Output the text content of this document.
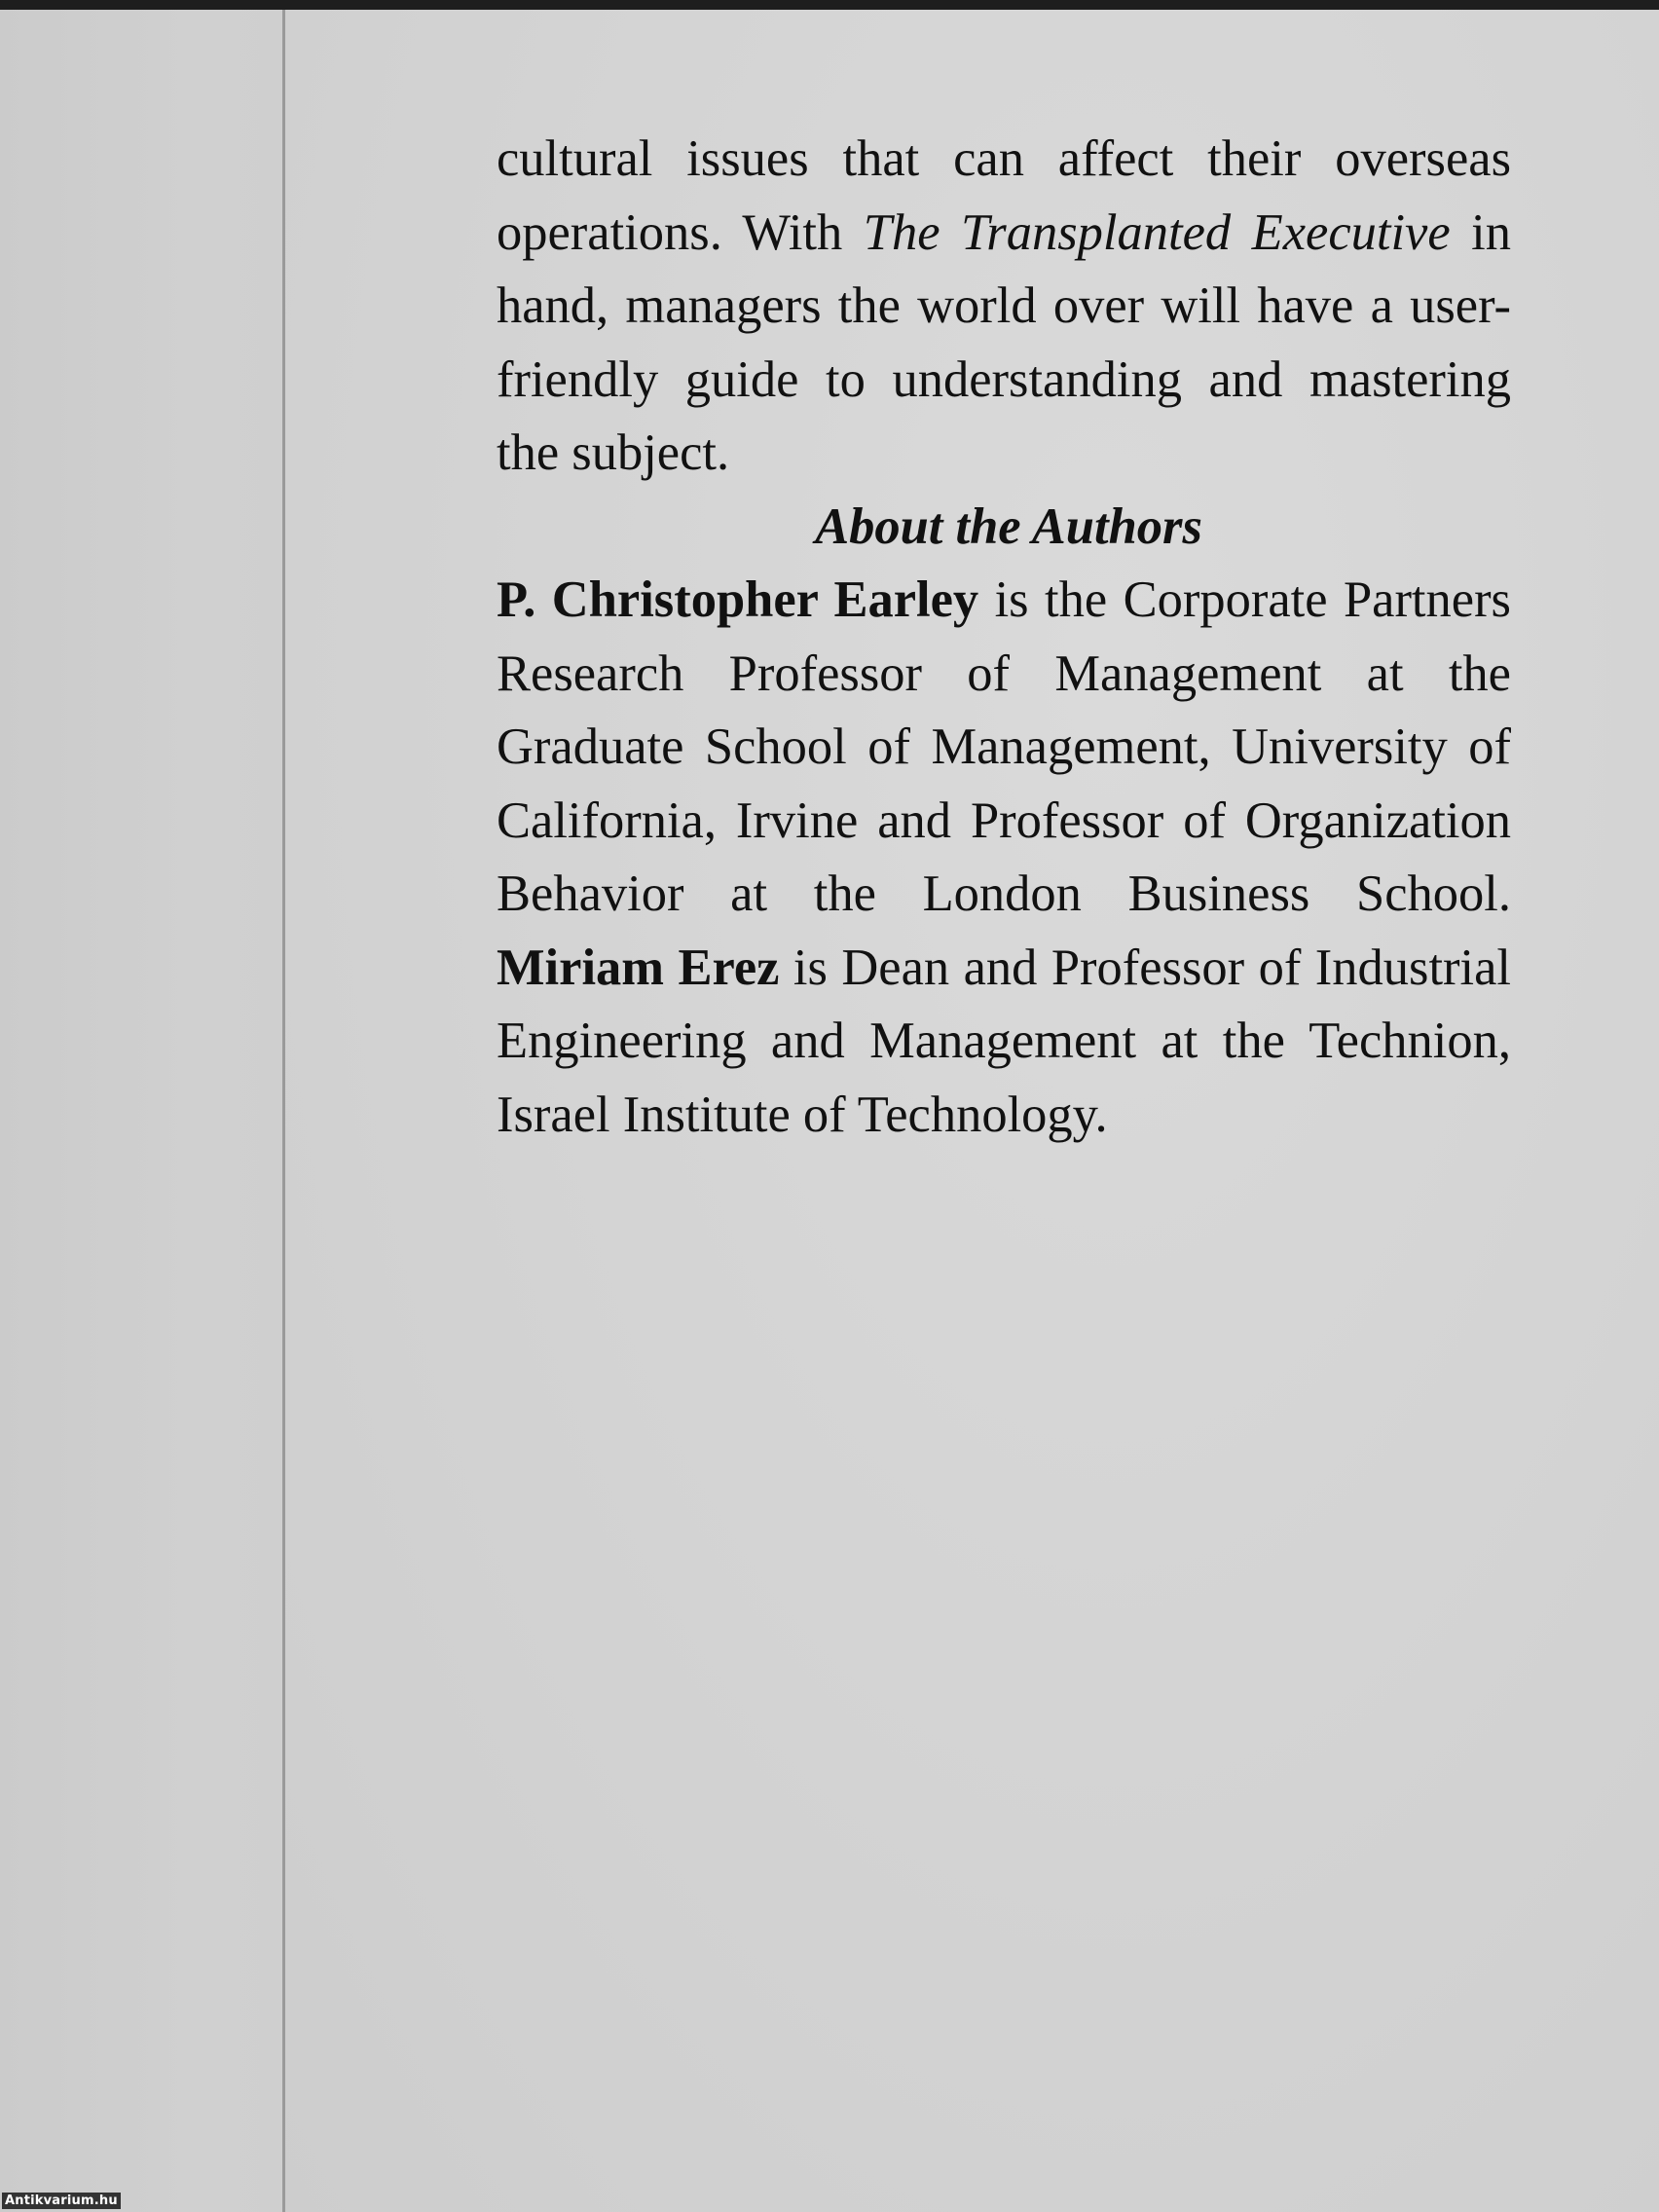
cultural issues that can affect their overseas operations. With The Transplanted Executive in hand, managers the world over will have a user-friendly guide to understanding and mastering the subject.

About the Authors

P. Christopher Earley is the Corporate Partners Research Professor of Management at the Graduate School of Management, University of California, Irvine and Professor of Organization Behavior at the London Business School. Miriam Erez is Dean and Professor of Industrial Engineering and Management at the Technion, Israel Institute of Technology.

Antikvarium.hu
